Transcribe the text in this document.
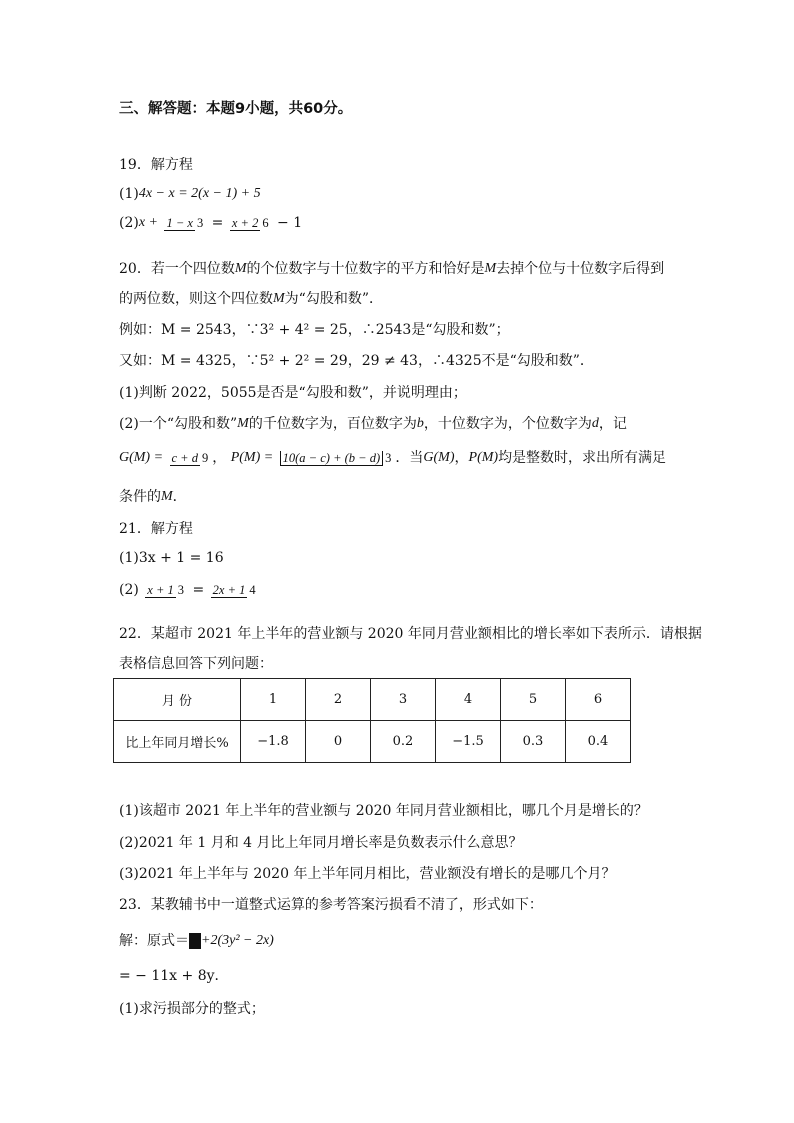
三、解答题：本题9小题，共60分。
19．解方程
(1)4x − x = 2(x − 1) + 5
(2)x + 1 − x 3 = x + 2 6 − 1
20．若一个四位数M的个位数字与十位数字的平方和恰好是M去掉个位与十位数字后得到
的两位数，则这个四位数M为“勾股和数”．
例如：M = 2543，∵3² + 4² = 25，∴2543是“勾股和数”；
又如：M = 4325，∵5² + 2² = 29，29 ≠ 43，∴4325不是“勾股和数”．
(1)判断 2022，5055是否是“勾股和数”，并说明理由；
(2)一个“勾股和数”M的千位数字为，百位数字为b，十位数字为，个位数字为d，记
G(M) = c + d 9 ， P(M) = 10(a − c) + (b − d) 3 ．当G(M)，P(M)均是整数时，求出所有满足
条件的M．
21．解方程
(1)3x + 1 = 16
(2) x + 1 3 = 2x + 1 4
22．某超市 2021 年上半年的营业额与 2020 年同月营业额相比的增长率如下表所示．请根据
表格信息回答下列问题：
月 份	1	2	3	4	5	6
比上年同月增长%	−1.8	0	0.2	−1.5	0.3	0.4
(1)该超市 2021 年上半年的营业额与 2020 年同月营业额相比，哪几个月是增长的？
(2)2021 年 1 月和 4 月比上年同月增长率是负数表示什么意思？
(3)2021 年上半年与 2020 年上半年同月相比，营业额没有增长的是哪几个月？
23．某教辅书中一道整式运算的参考答案污损看不清了，形式如下：
解：原式＝ +2(3y² − 2x)
= − 11x + 8y．
(1)求污损部分的整式；
